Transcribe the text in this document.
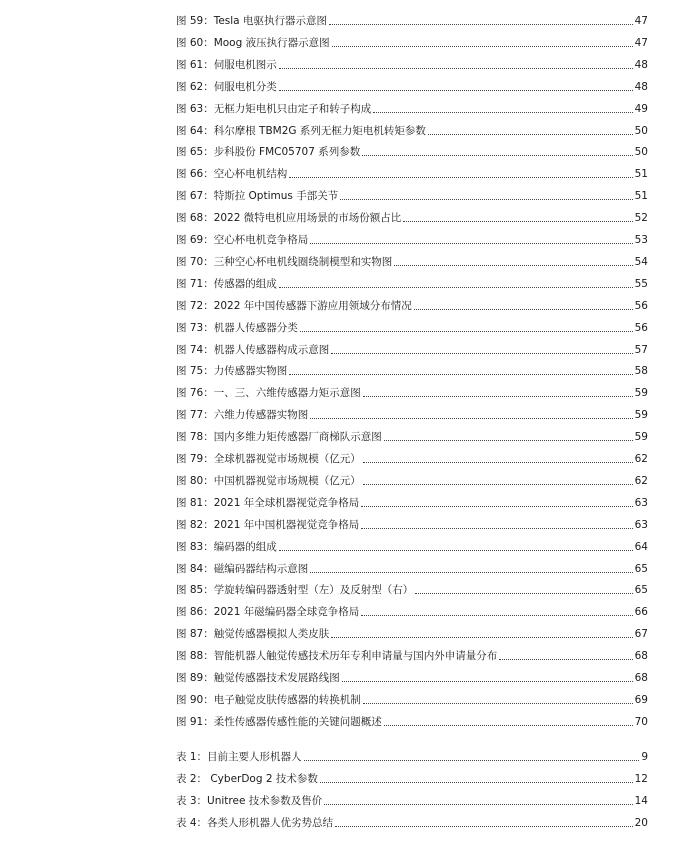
图 59：Tesla 电驱执行器示意图	47
图 60：Moog 液压执行器示意图	47
图 61：伺服电机图示	48
图 62：伺服电机分类	48
图 63：无框力矩电机只由定子和转子构成	49
图 64：科尔摩根 TBM2G 系列无框力矩电机转矩参数	50
图 65：步科股份 FMC05707 系列参数	50
图 66：空心杯电机结构	51
图 67：特斯拉 Optimus 手部关节	51
图 68：2022 微特电机应用场景的市场份额占比	52
图 69：空心杯电机竞争格局	53
图 70：三种空心杯电机线圈绕制模型和实物图	54
图 71：传感器的组成	55
图 72：2022 年中国传感器下游应用领域分布情况	56
图 73：机器人传感器分类	56
图 74：机器人传感器构成示意图	57
图 75：力传感器实物图	58
图 76：一、三、六维传感器力矩示意图	59
图 77：六维力传感器实物图	59
图 78：国内多维力矩传感器厂商梯队示意图	59
图 79：全球机器视觉市场规模（亿元）	62
图 80：中国机器视觉市场规模（亿元）	62
图 81：2021 年全球机器视觉竞争格局	63
图 82：2021 年中国机器视觉竞争格局	63
图 83：编码器的组成	64
图 84：磁编码器结构示意图	65
图 85：学旋转编码器透射型（左）及反射型（右）	65
图 86：2021 年磁编码器全球竞争格局	66
图 87：触觉传感器模拟人类皮肤	67
图 88：智能机器人触觉传感技术历年专利申请量与国内外申请量分布	68
图 89：触觉传感器技术发展路线图	68
图 90：电子触觉皮肤传感器的转换机制	69
图 91：柔性传感器传感性能的关键问题概述	70
表 1：目前主要人形机器人	9
表 2： CyberDog 2 技术参数	12
表 3：Unitree 技术参数及售价	14
表 4：各类人形机器人优劣势总结	20
